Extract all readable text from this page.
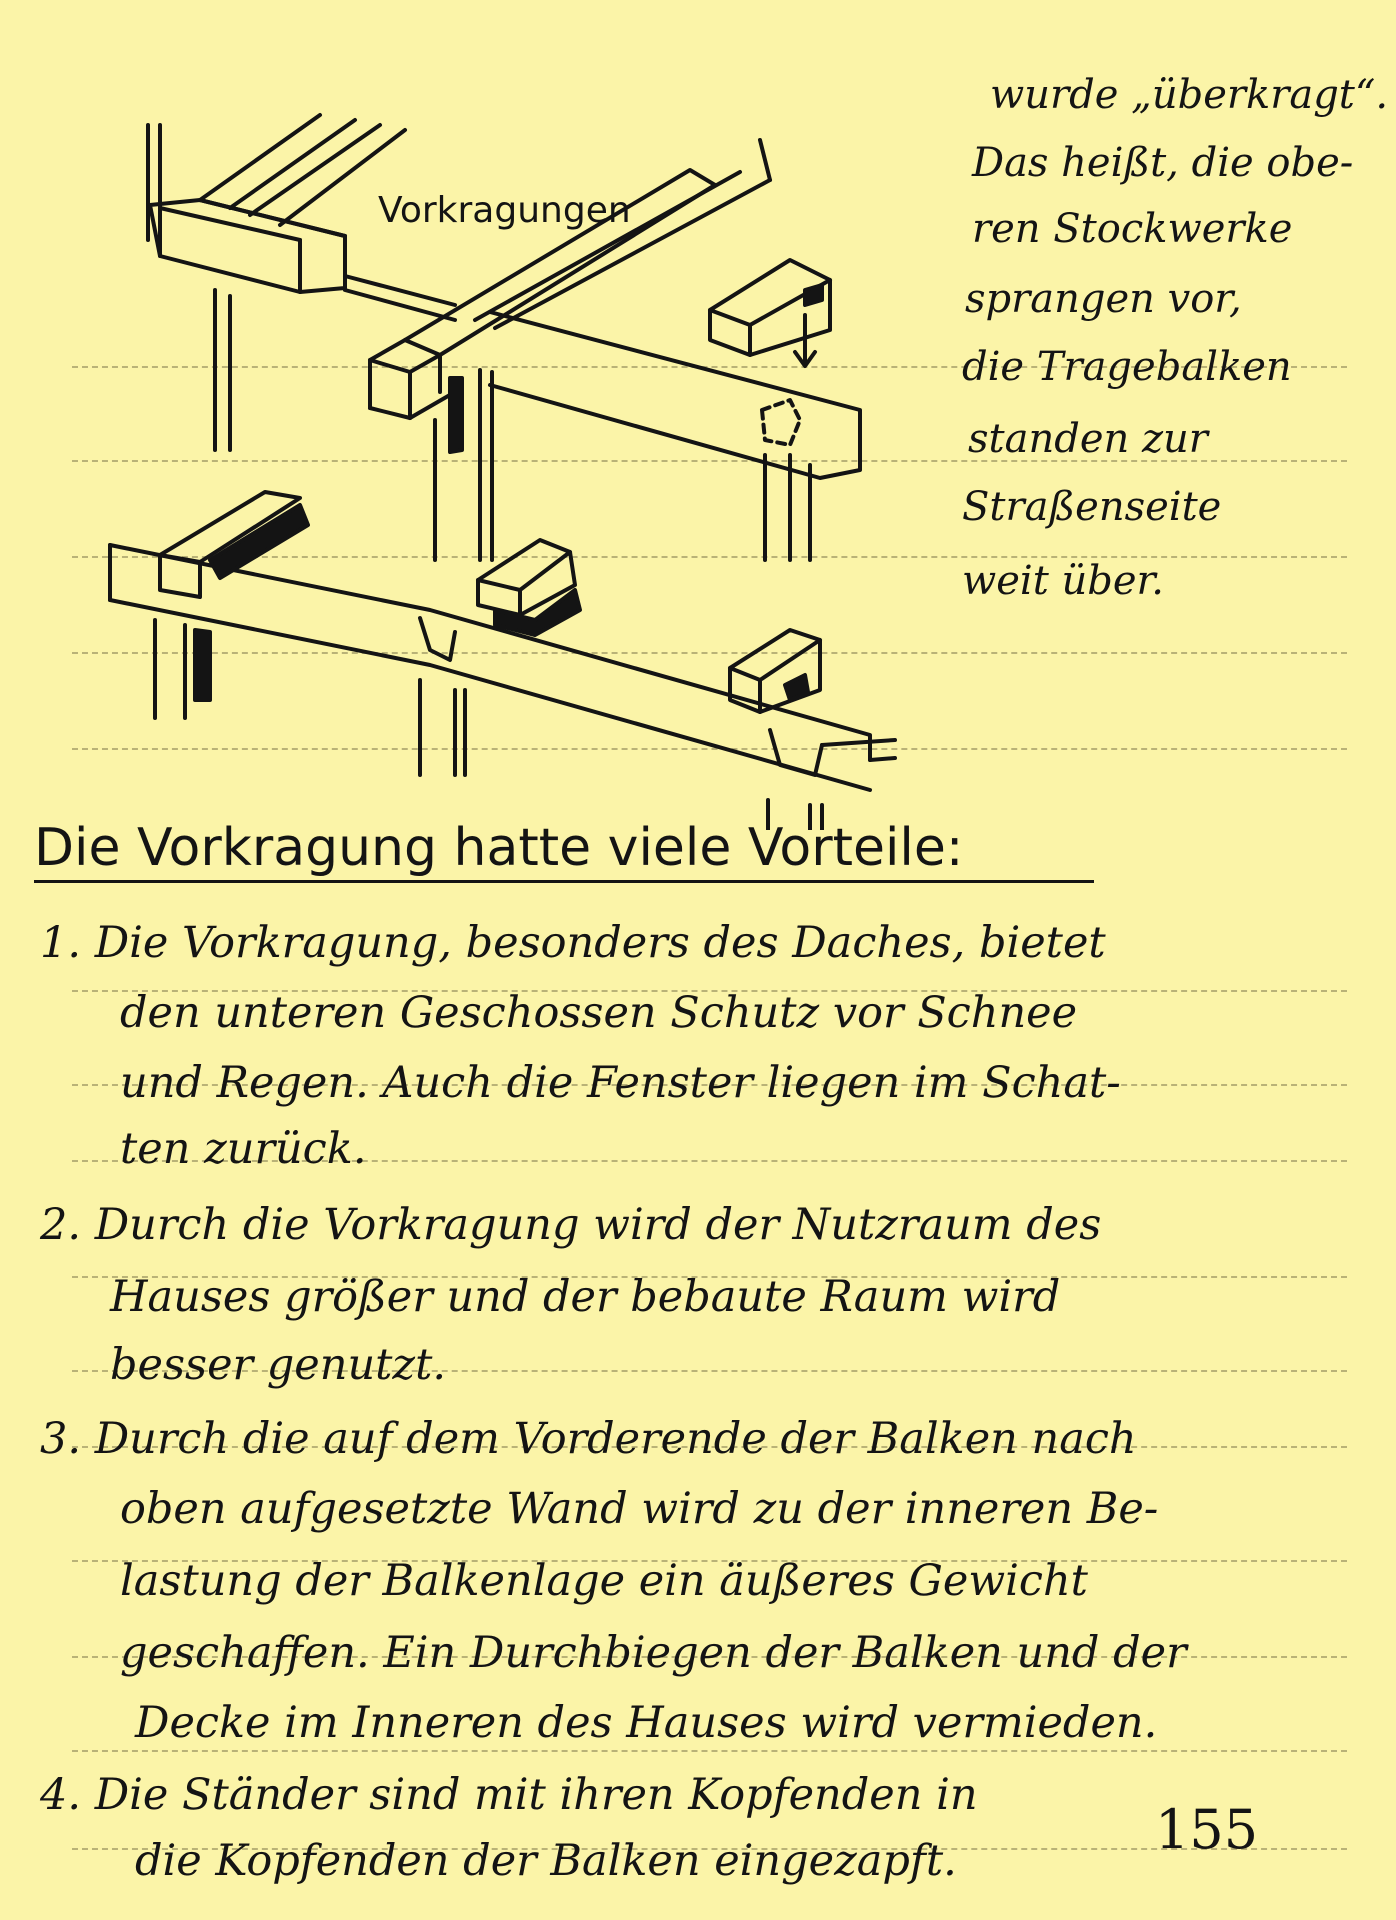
Vorkragungen
wurde „überkragt“.
Das heißt, die obe-
ren Stockwerke
sprangen vor,
die Tragebalken
standen zur
Straßenseite
weit über.
Die Vorkragung hatte viele Vorteile:
1. Die Vorkragung, besonders des Daches, bietet
den unteren Geschossen Schutz vor Schnee
und Regen. Auch die Fenster liegen im Schat-
ten zurück.
2. Durch die Vorkragung wird der Nutzraum des
Hauses größer und der bebaute Raum wird
besser genutzt.
3. Durch die auf dem Vorderende der Balken nach
oben aufgesetzte Wand wird zu der inneren Be-
lastung der Balkenlage ein äußeres Gewicht
geschaffen. Ein Durchbiegen der Balken und der
Decke im Inneren des Hauses wird vermieden.
4. Die Ständer sind mit ihren Kopfenden in
die Kopfenden der Balken eingezapft.	155
